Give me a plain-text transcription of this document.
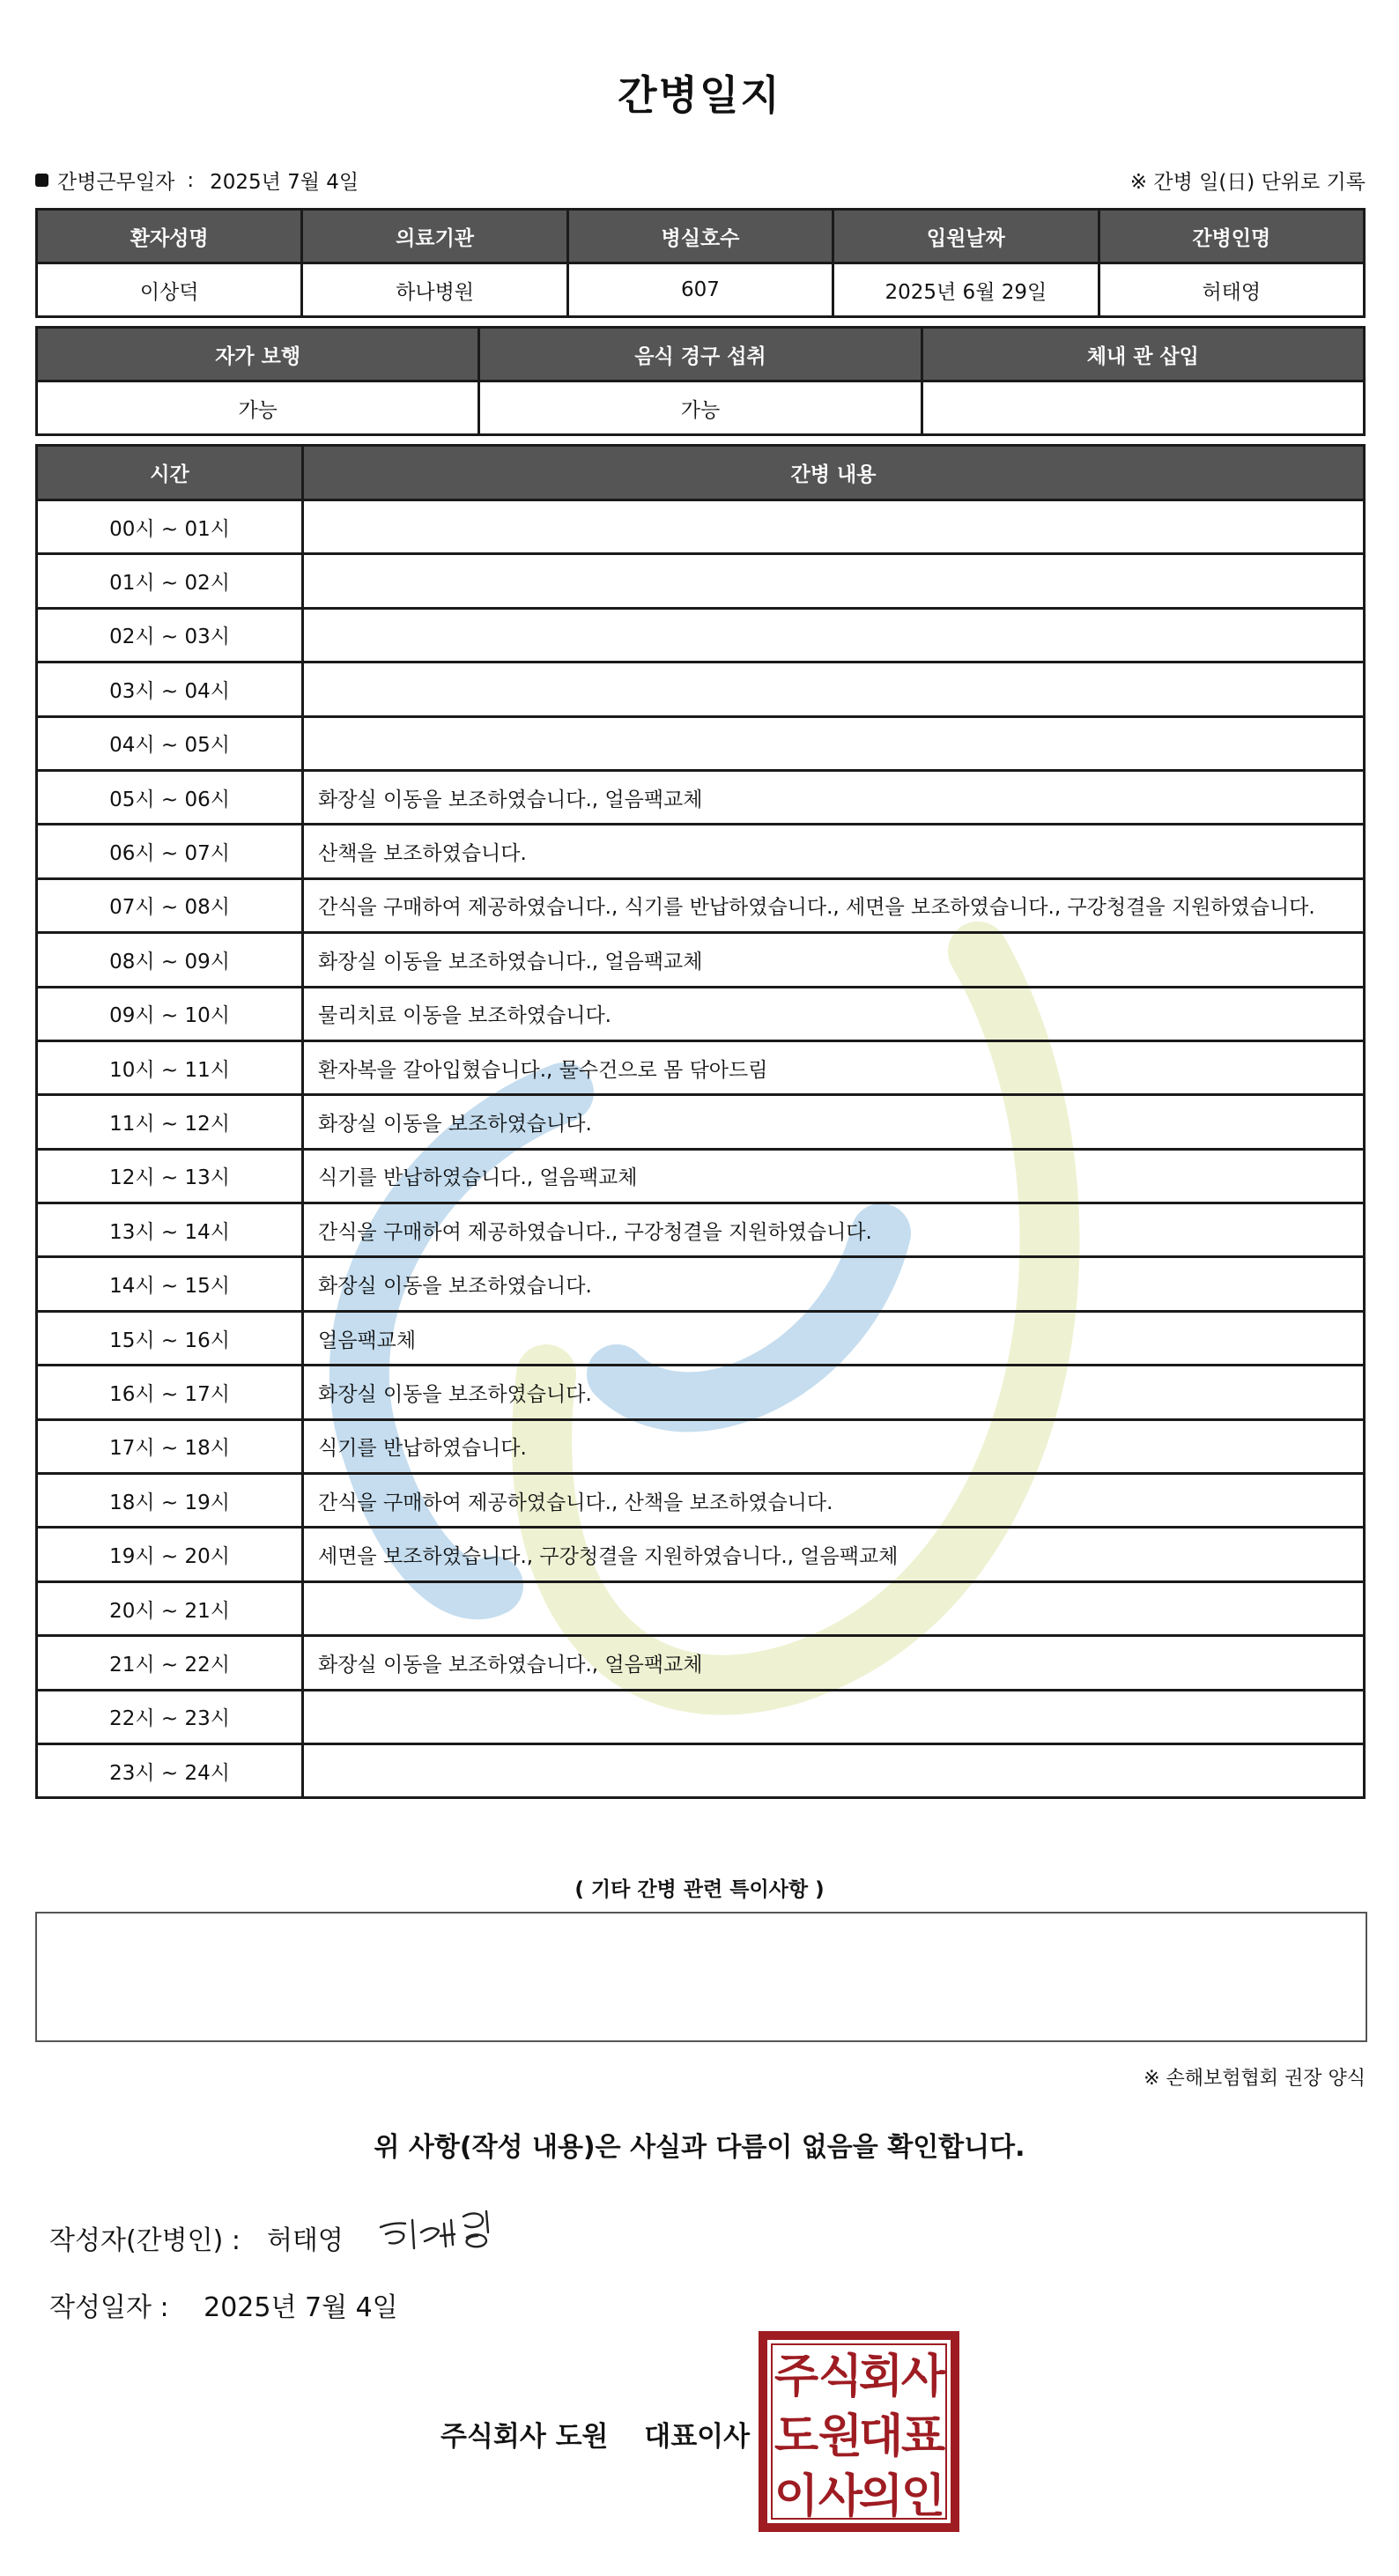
간병일지
간병근무일자 : 2025년 7월 4일	※ 간병 일(日) 단위로 기록
환자성명	의료기관	병실호수	입원날짜	간병인명
이상덕	하나병원	607	2025년 6월 29일	허태영
자가 보행	음식 경구 섭취	체내 관 삽입
가능	가능	
시간	간병 내용
00시 ~ 01시	
01시 ~ 02시	
02시 ~ 03시	
03시 ~ 04시	
04시 ~ 05시	
05시 ~ 06시	화장실 이동을 보조하였습니다., 얼음팩교체
06시 ~ 07시	산책을 보조하였습니다.
07시 ~ 08시	간식을 구매하여 제공하였습니다., 식기를 반납하였습니다., 세면을 보조하였습니다., 구강청결을 지원하였습니다.
08시 ~ 09시	화장실 이동을 보조하였습니다., 얼음팩교체
09시 ~ 10시	물리치료 이동을 보조하였습니다.
10시 ~ 11시	환자복을 갈아입혔습니다., 물수건으로 몸 닦아드림
11시 ~ 12시	화장실 이동을 보조하였습니다.
12시 ~ 13시	식기를 반납하였습니다., 얼음팩교체
13시 ~ 14시	간식을 구매하여 제공하였습니다., 구강청결을 지원하였습니다.
14시 ~ 15시	화장실 이동을 보조하였습니다.
15시 ~ 16시	얼음팩교체
16시 ~ 17시	화장실 이동을 보조하였습니다.
17시 ~ 18시	식기를 반납하였습니다.
18시 ~ 19시	간식을 구매하여 제공하였습니다., 산책을 보조하였습니다.
19시 ~ 20시	세면을 보조하였습니다., 구강청결을 지원하였습니다., 얼음팩교체
20시 ~ 21시	
21시 ~ 22시	화장실 이동을 보조하였습니다., 얼음팩교체
22시 ~ 23시	
23시 ~ 24시	
( 기타 간병 관련 특이사항 )
※ 손해보험협회 권장 양식
위 사항(작성 내용)은 사실과 다름이 없음을 확인합니다.
작성자(간병인) : 허태영
작성일자 : 2025년 7월 4일
주식회사 도원 대표이사
주 식
회
사
도 원
대
표
이 사
의
인
